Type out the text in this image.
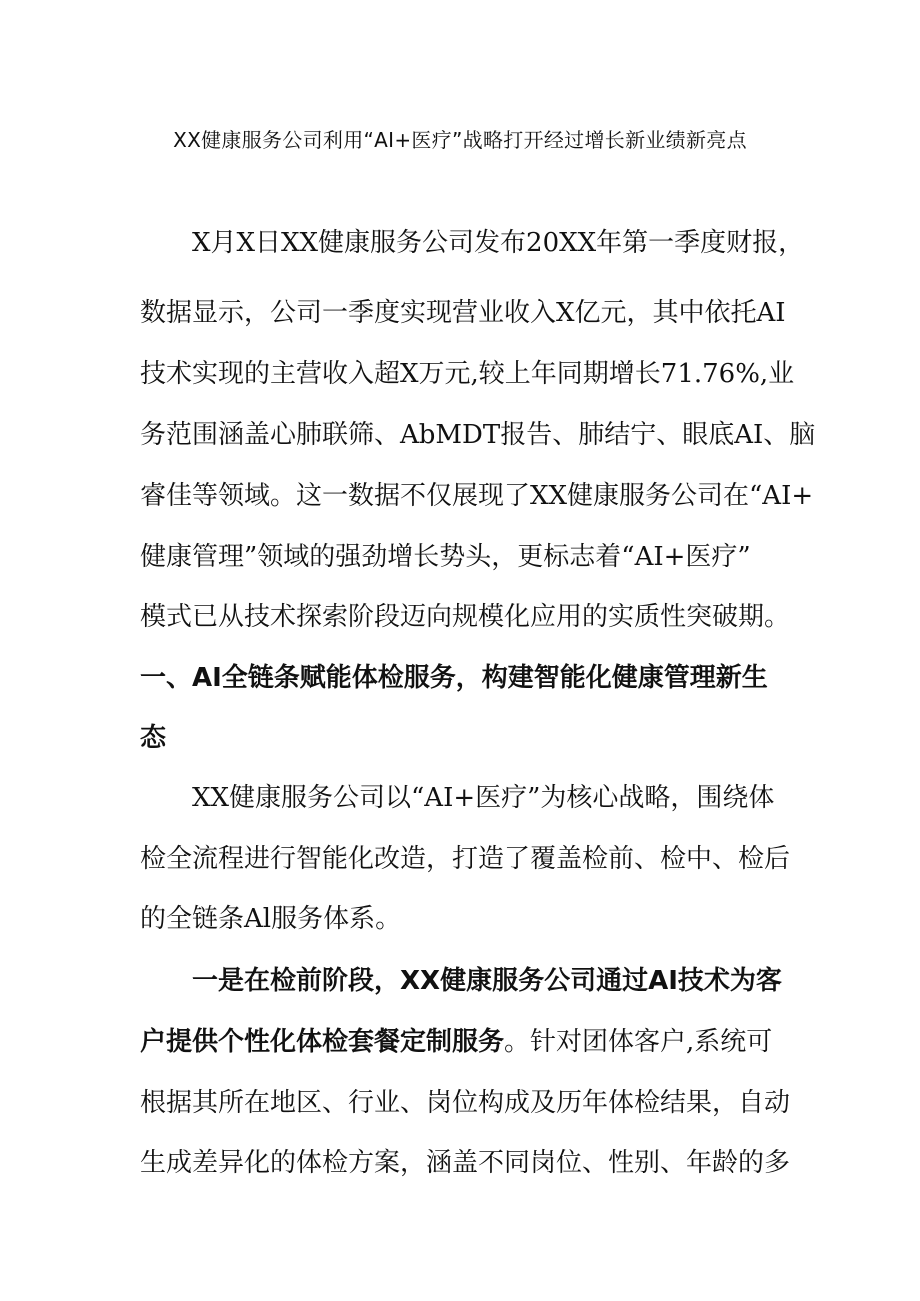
XX健康服务公司利用“AI+医疗”战略打开经过增长新业绩新亮点
X月X日XX健康服务公司发布20XX年第一季度财报，
数据显示，公司一季度实现营业收入X亿元，其中依托AI
技术实现的主营收入超X万元,较上年同期增长71.76%,业
务范围涵盖心肺联筛、AbMDT报告、肺结宁、眼底AI、脑
睿佳等领域。这一数据不仅展现了XX健康服务公司在“AI+
健康管理”领域的强劲增长势头，更标志着“AI+医疗”
模式已从技术探索阶段迈向规模化应用的实质性突破期。
一、AI全链条赋能体检服务，构建智能化健康管理新生
态
XX健康服务公司以“AI+医疗”为核心战略，围绕体
检全流程进行智能化改造，打造了覆盖检前、检中、检后
的全链条Al服务体系。
一是在检前阶段，XX健康服务公司通过AI技术为客
户提供个性化体检套餐定制服务。针对团体客户,系统可
根据其所在地区、行业、岗位构成及历年体检结果，自动
生成差异化的体检方案，涵盖不同岗位、性别、年龄的多
